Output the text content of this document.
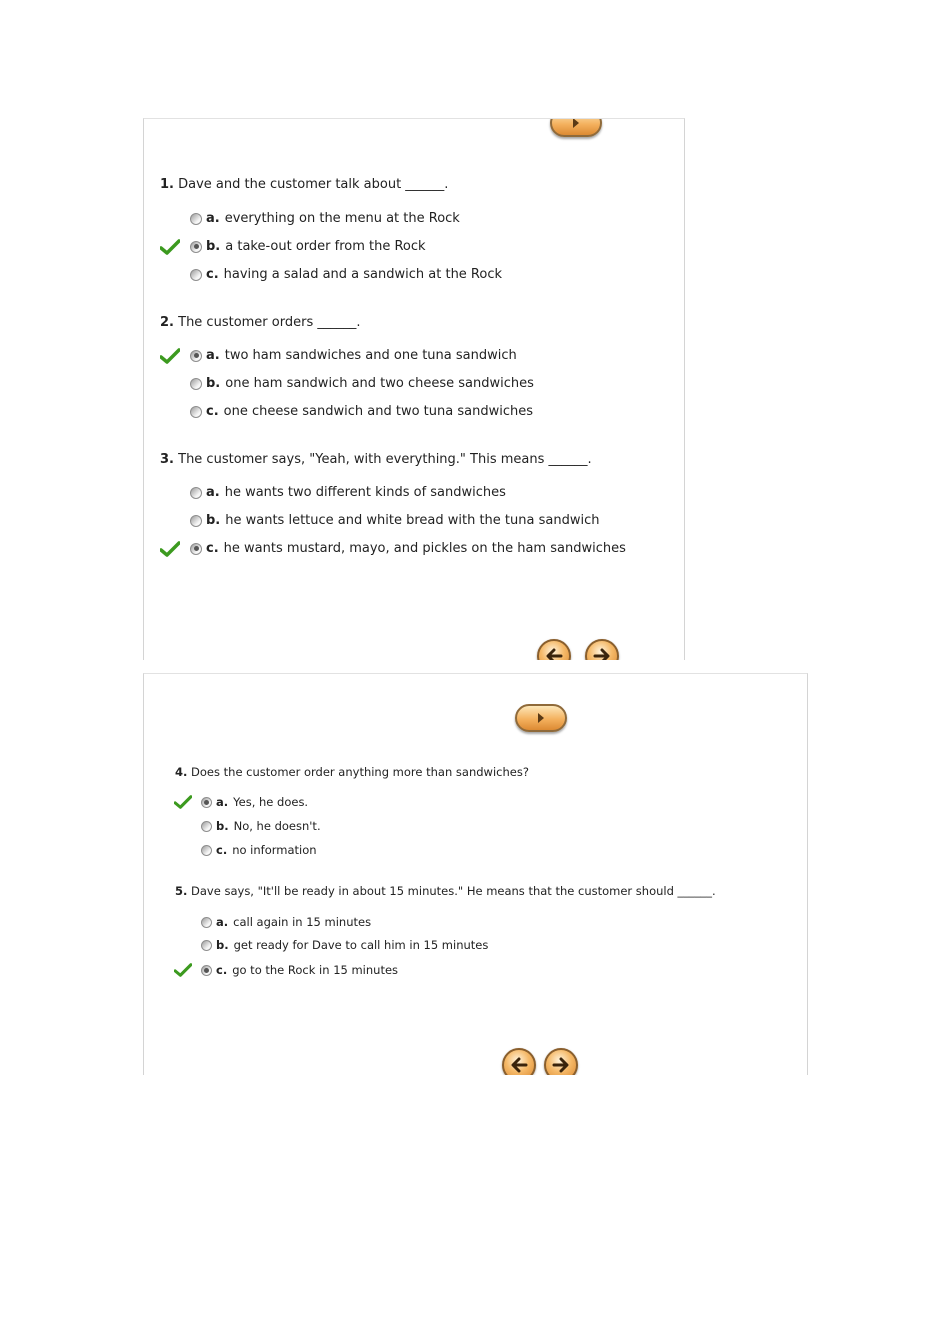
1. Dave and the customer talk about ______.
a. everything on the menu at the Rock
b. a take-out order from the Rock
c. having a salad and a sandwich at the Rock
2. The customer orders ______.
a. two ham sandwiches and one tuna sandwich
b. one ham sandwich and two cheese sandwiches
c. one cheese sandwich and two tuna sandwiches
3. The customer says, "Yeah, with everything." This means ______.
a. he wants two different kinds of sandwiches
b. he wants lettuce and white bread with the tuna sandwich
c. he wants mustard, mayo, and pickles on the ham sandwiches
4. Does the customer order anything more than sandwiches?
a. Yes, he does.
b. No, he doesn't.
c. no information
5. Dave says, "It'll be ready in about 15 minutes." He means that the customer should ______.
a. call again in 15 minutes
b. get ready for Dave to call him in 15 minutes
c. go to the Rock in 15 minutes
